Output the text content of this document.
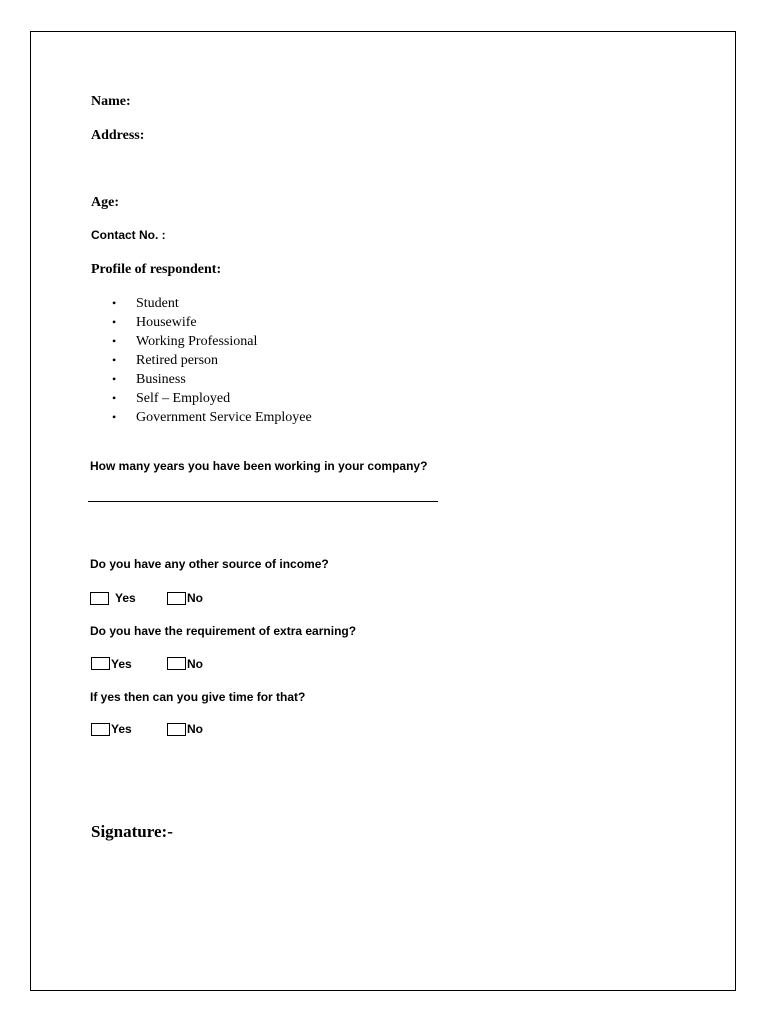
Name:
Address:
Age:
Contact No. :
Profile of respondent:
• Student
• Housewife
• Working Professional
• Retired person
• Business
• Self – Employed
• Government Service Employee
How many years you have been working in your company?
Do you have any other source of income?
Yes	No
Do you have the requirement of extra earning?
Yes	No
If yes then can you give time for that?
Yes	No
Signature:-
